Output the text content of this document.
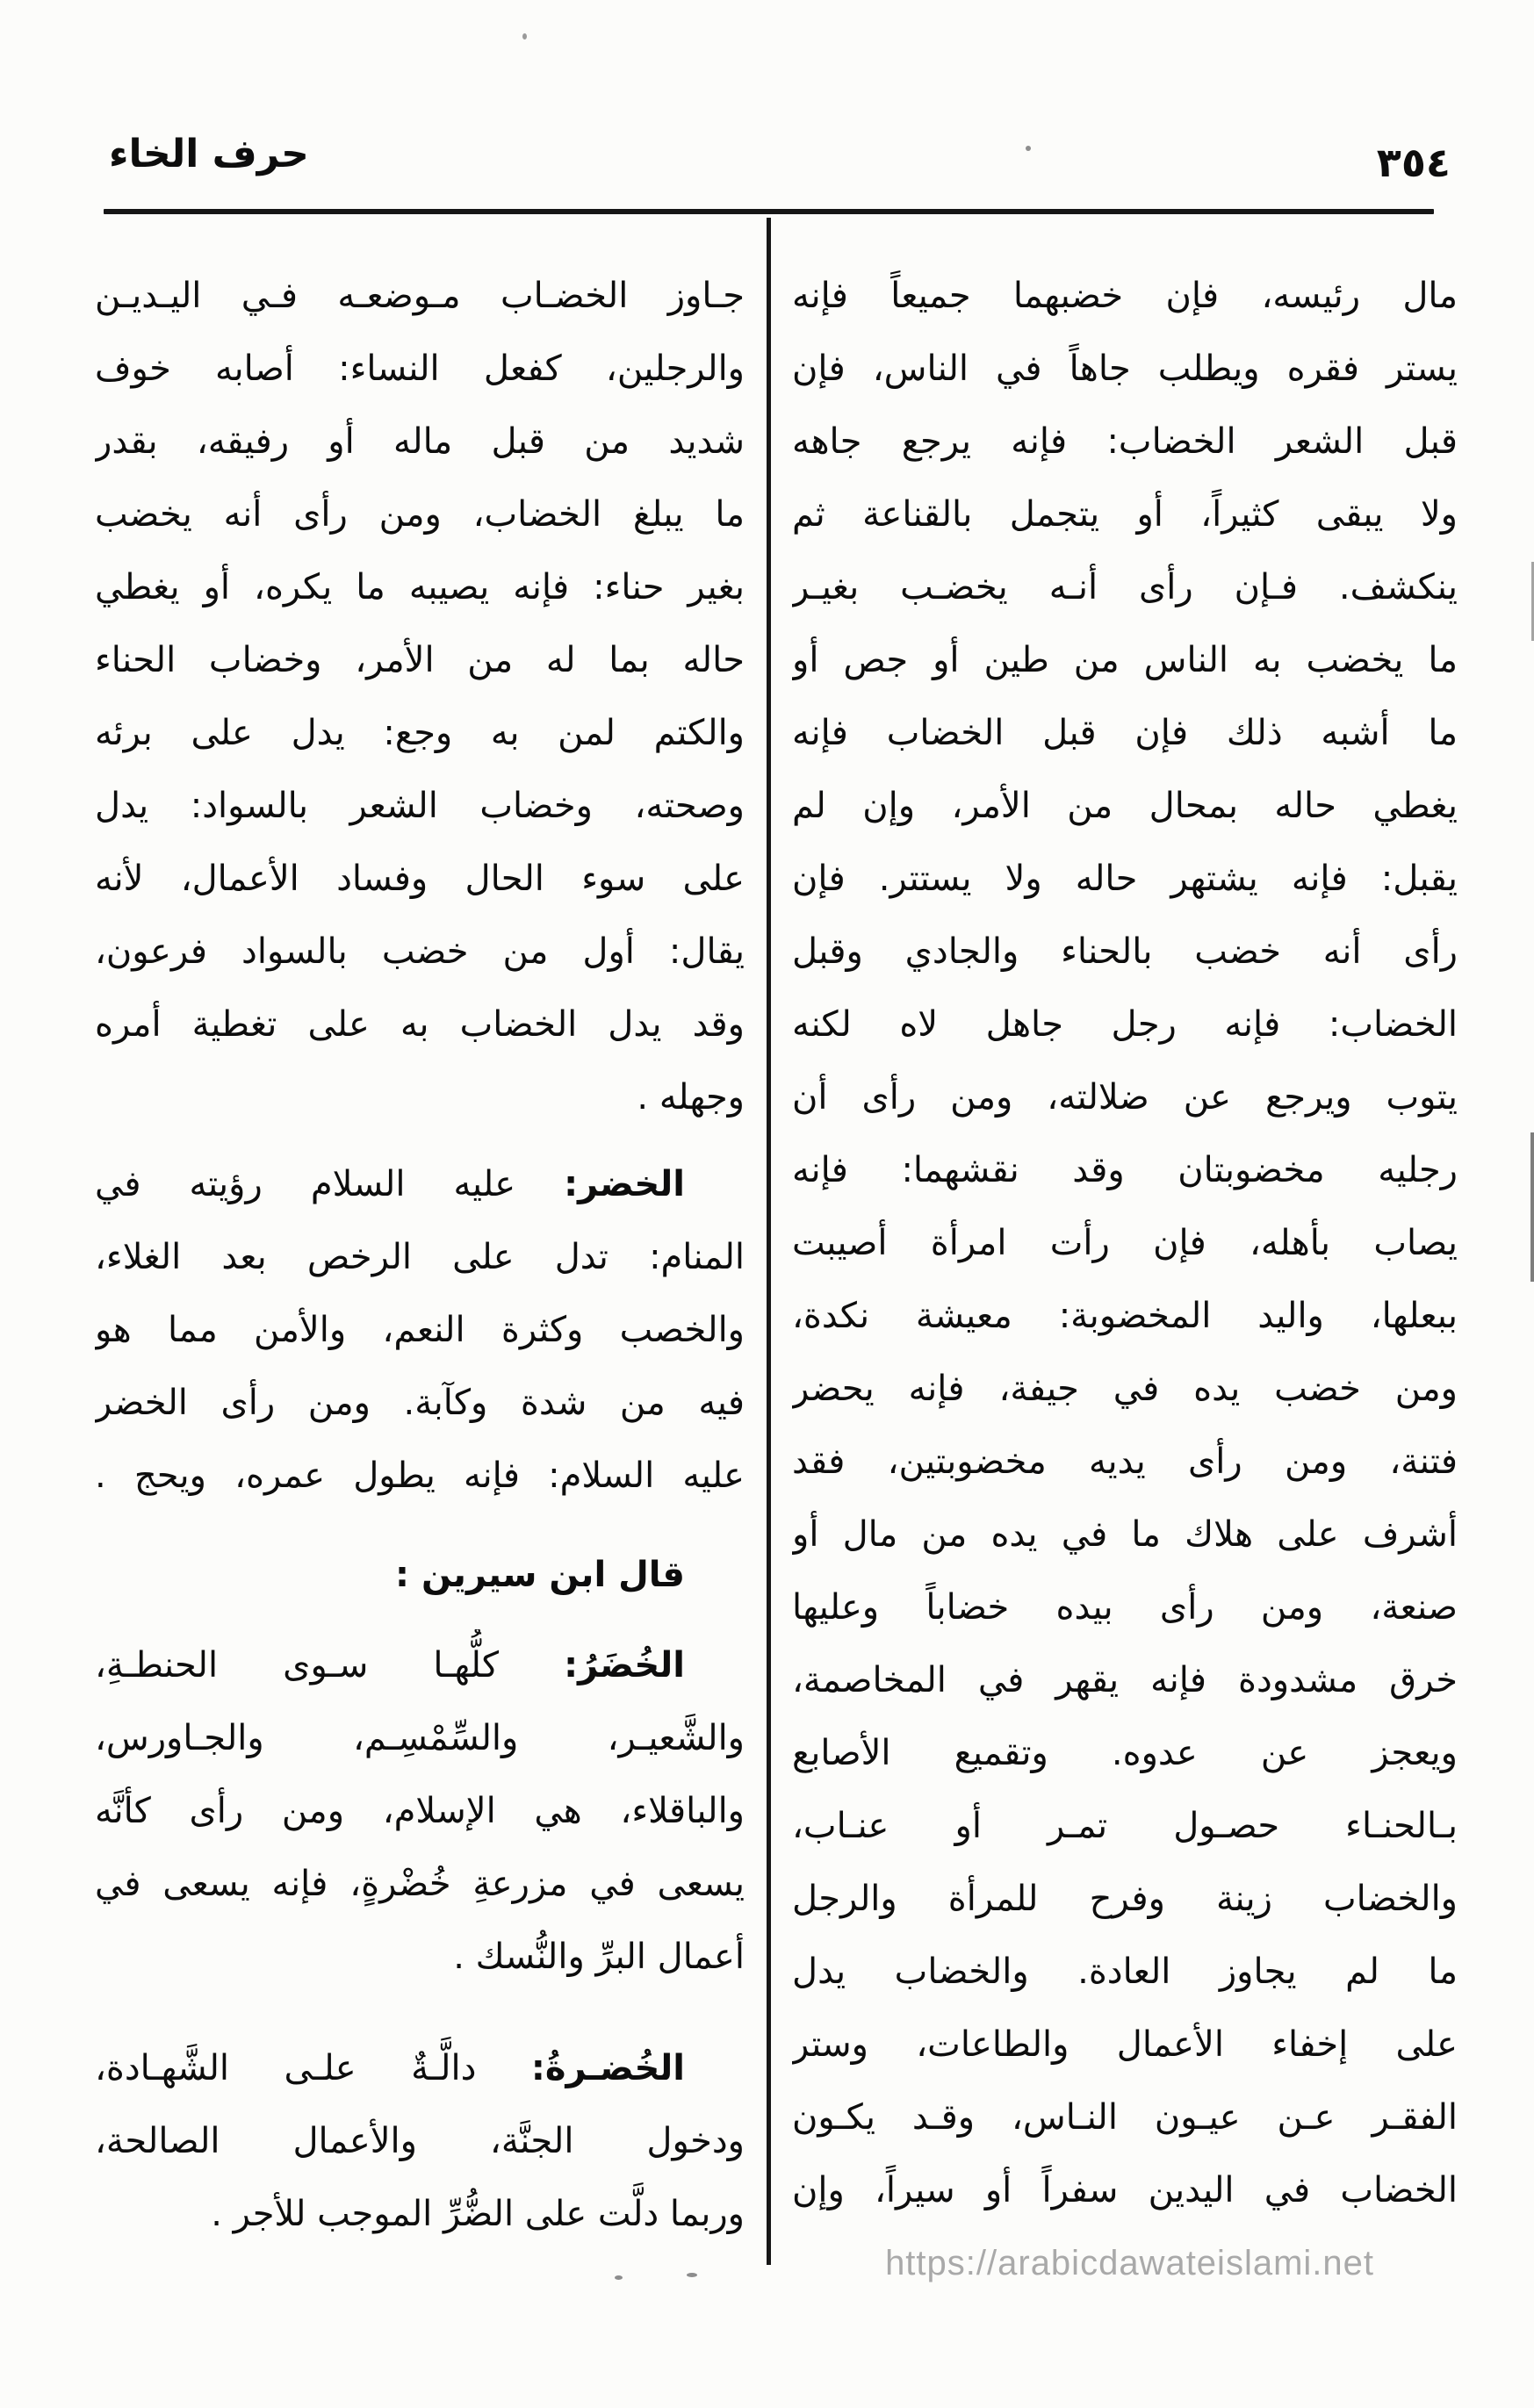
حرف الخاء	٣٥٤
مال رئيسه، فإن خضبهما جميعاً فإنه
يستر فقره ويطلب جاهاً في الناس، فإن
قبل الشعر الخضاب: فإنه يرجع جاهه
ولا يبقى كثيراً، أو يتجمل بالقناعة ثم
ينكشف. فـإن رأى أنـه يخضـب بغيـر
ما يخضب به الناس من طين أو جص أو
ما أشبه ذلك فإن قبل الخضاب فإنه
يغطي حاله بمحال من الأمر، وإن لم
يقبل: فإنه يشتهر حاله ولا يستتر. فإن
رأى أنه خضب بالحناء والجادي وقبل
الخضاب: فإنه رجل جاهل لاه لكنه
يتوب ويرجع عن ضلالته، ومن رأى أن
رجليه مخضوبتان وقد نقشهما: فإنه
يصاب بأهله، فإن رأت امرأة أصيبت
ببعلها، واليد المخضوبة: معيشة نكدة،
ومن خضب يده في جيفة، فإنه يحضر
فتنة، ومن رأى يديه مخضوبتين، فقد
أشرف على هلاك ما في يده من مال أو
صنعة، ومن رأى بيده خضاباً وعليها
خرق مشدودة فإنه يقهر في المخاصمة،
ويعجز عن عدوه. وتقميع الأصابع
بـالحنـاء حصـول تمـر أو عنـاب،
والخضاب زينة وفرح للمرأة والرجل
ما لم يجاوز العادة. والخضاب يدل
على إخفاء الأعمال والطاعات، وستر
الفقـر عـن عيـون النـاس، وقـد يكـون
الخضاب في اليدين سفراً أو سيراً، وإن
جـاوز الخضـاب مـوضعـه فـي اليـديـن
والرجلين، كفعل النساء: أصابه خوف
شديد من قبل ماله أو رفيقه، بقدر
ما يبلغ الخضاب، ومن رأى أنه يخضب
بغير حناء: فإنه يصيبه ما يكره، أو يغطي
حاله بما له من الأمر، وخضاب الحناء
والكتم لمن به وجع: يدل على برئه
وصحته، وخضاب الشعر بالسواد: يدل
على سوء الحال وفساد الأعمال، لأنه
يقال: أول من خضب بالسواد فرعون،
وقد يدل الخضاب به على تغطية أمره
وجهله .
الخضر: عليه السلام رؤيته في
المنام: تدل على الرخص بعد الغلاء،
والخصب وكثرة النعم، والأمن مما هو
فيه من شدة وكآبة. ومن رأى الخضر
عليه السلام: فإنه يطول عمره، ويحج .
قال ابن سيرين :
الخُضَرُ: كلُّهـا سـوى الحنطـةِ،
والشَّعيـر، والسِّمْسِـم، والجـاورس،
والباقلاء، هي الإسلام، ومن رأى كأنَّه
يسعى في مزرعةِ خُضْرةٍ، فإنه يسعى في
أعمال البرِّ والنُّسك .
الخُضـرةُ: دالَّـةٌ علـى الشَّهـادة،
ودخول الجنَّة، والأعمال الصالحة،
وربما دلَّت على الضُّرِّ الموجب للأجر .
https://arabicdawateislami.net
